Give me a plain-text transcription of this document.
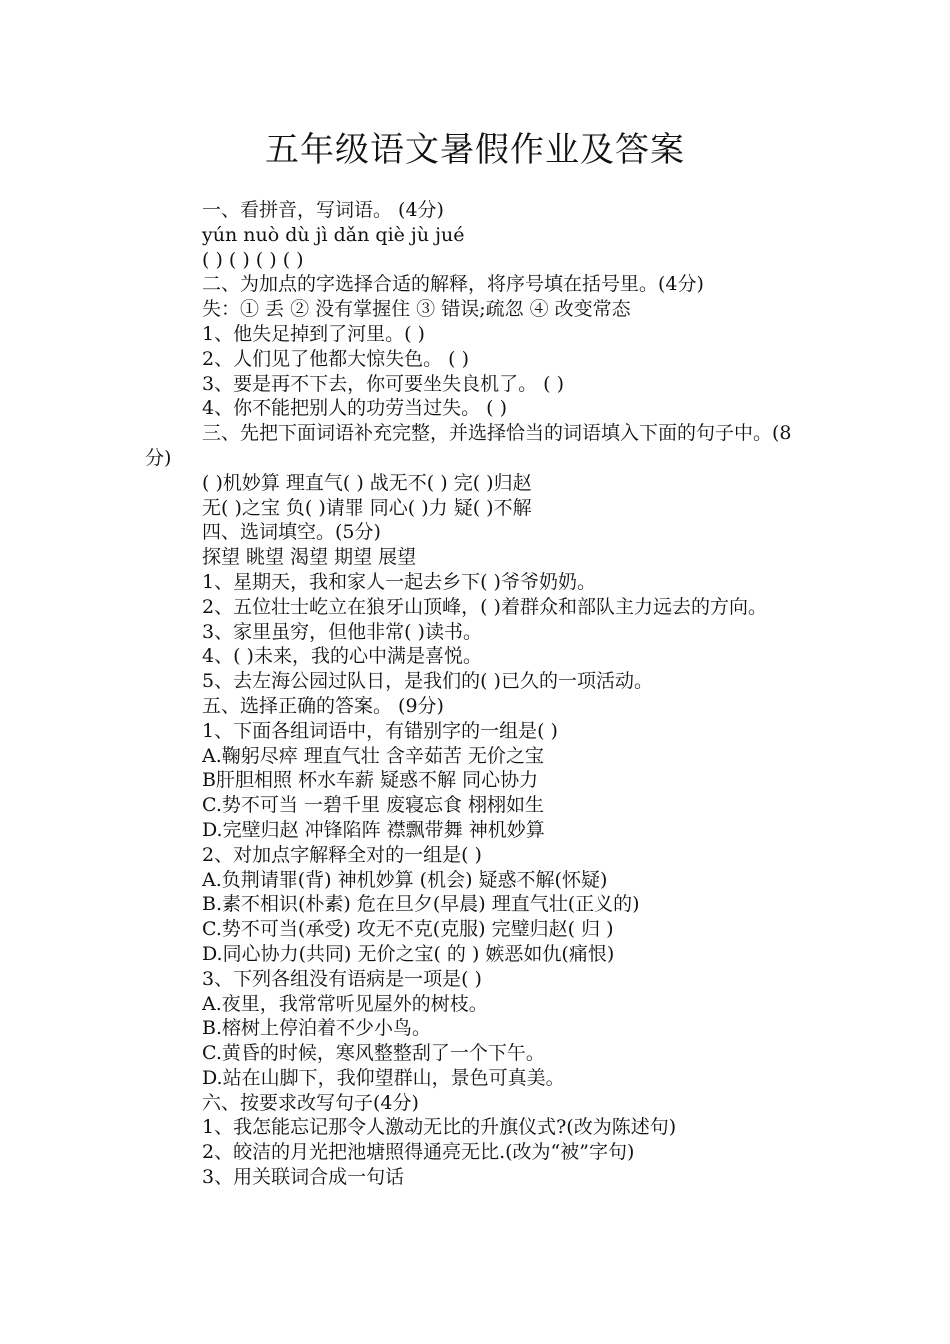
五年级语文暑假作业及答案

一、看拼音，写词语。 (4分)

yún nuò dù jì dǎn qiè jù jué

( ) ( ) ( ) ( )

二、为加点的字选择合适的解释，将序号填在括号里。(4分)

失：① 丢 ② 没有掌握住 ③ 错误;疏忽 ④ 改变常态

1、他失足掉到了河里。( )

2、人们见了他都大惊失色。 ( )

3、要是再不下去，你可要坐失良机了。 ( )

4、你不能把别人的功劳当过失。 ( )

三、先把下面词语补充完整，并选择恰当的词语填入下面的句子中。(8分)

( )机妙算 理直气( ) 战无不( ) 完( )归赵

无( )之宝 负( )请罪 同心( )力 疑( )不解

四、选词填空。(5分)

探望 眺望 渴望 期望 展望

1、星期天，我和家人一起去乡下( )爷爷奶奶。

2、五位壮士屹立在狼牙山顶峰，( )着群众和部队主力远去的方向。

3、家里虽穷，但他非常( )读书。

4、( )未来，我的心中满是喜悦。

5、去左海公园过队日，是我们的( )已久的一项活动。

五、选择正确的答案。 (9分)

1、下面各组词语中，有错别字的一组是( )

A.鞠躬尽瘁 理直气壮 含辛茹苦 无价之宝

B肝胆相照 杯水车薪 疑惑不解 同心协力

C.势不可当 一碧千里 废寝忘食 栩栩如生

D.完壁归赵 冲锋陷阵 襟飘带舞 神机妙算

2、对加点字解释全对的一组是( )

A.负荆请罪(背) 神机妙算 (机会) 疑惑不解(怀疑)

B.素不相识(朴素) 危在旦夕(早晨) 理直气壮(正义的)

C.势不可当(承受) 攻无不克(克服) 完璧归赵( 归 )

D.同心协力(共同) 无价之宝( 的 ) 嫉恶如仇(痛恨)

3、下列各组没有语病是一项是( )

A.夜里，我常常听见屋外的树枝。

B.榕树上停泊着不少小鸟。

C.黄昏的时候，寒风整整刮了一个下午。

D.站在山脚下，我仰望群山，景色可真美。

六、按要求改写句子(4分)

1、我怎能忘记那令人激动无比的升旗仪式?(改为陈述句)

2、皎洁的月光把池塘照得通亮无比.(改为“被”字句)

3、用关联词合成一句话
